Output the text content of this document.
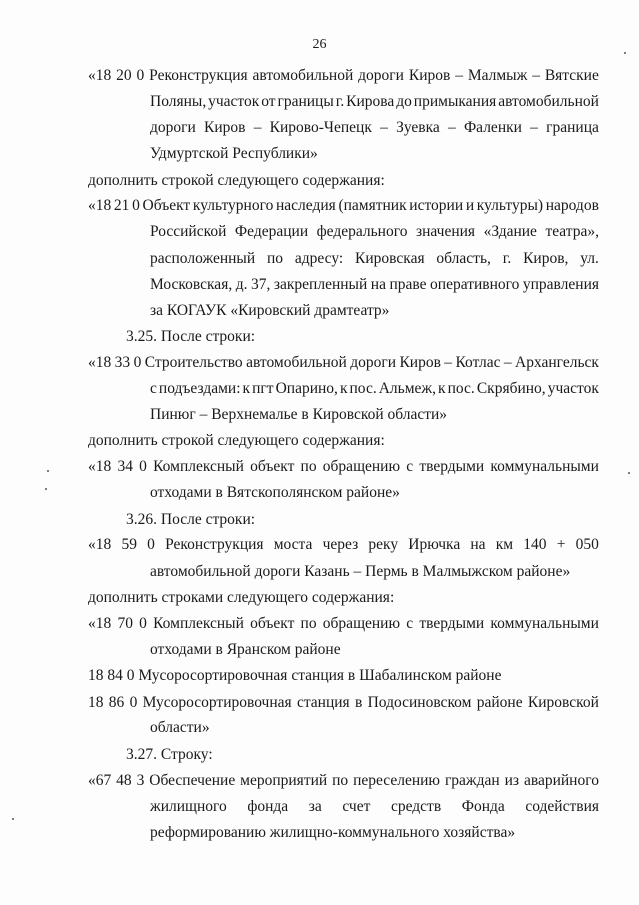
26
«18 20 0 Реконструкция автомобильной дороги Киров – Малмыж – Вятские
Поляны, участок от границы г. Кирова до примыкания автомобильной
дороги Киров – Кирово-Чепецк – Зуевка – Фаленки – граница
Удмуртской Республики»
дополнить строкой следующего содержания:
«18 21 0 Объект культурного наследия (памятник истории и культуры) народов
Российской Федерации федерального значения «Здание театра»,
расположенный по адресу: Кировская область, г. Киров, ул.
Московская, д. 37, закрепленный на праве оперативного управления
за КОГАУК «Кировский драмтеатр»
3.25. После строки:
«18 33 0 Строительство автомобильной дороги Киров – Котлас – Архангельск
с подъездами: к пгт Опарино, к пос. Альмеж, к пос. Скрябино, участок
Пинюг – Верхнемалье в Кировской области»
дополнить строкой следующего содержания:
«18 34 0 Комплексный объект по обращению с твердыми коммунальными
отходами в Вятскополянском районе»
3.26. После строки:
«18 59 0 Реконструкция моста через реку Ирючка на км 140 + 050
автомобильной дороги Казань – Пермь в Малмыжском районе»
дополнить строками следующего содержания:
«18 70 0 Комплексный объект по обращению с твердыми коммунальными
отходами в Яранском районе
18 84 0 Мусоросортировочная станция в Шабалинском районе
18 86 0 Мусоросортировочная станция в Подосиновском районе Кировской
области»
3.27. Строку:
«67 48 3 Обеспечение мероприятий по переселению граждан из аварийного
жилищного фонда за счет средств Фонда содействия
реформированию жилищно-коммунального хозяйства»
